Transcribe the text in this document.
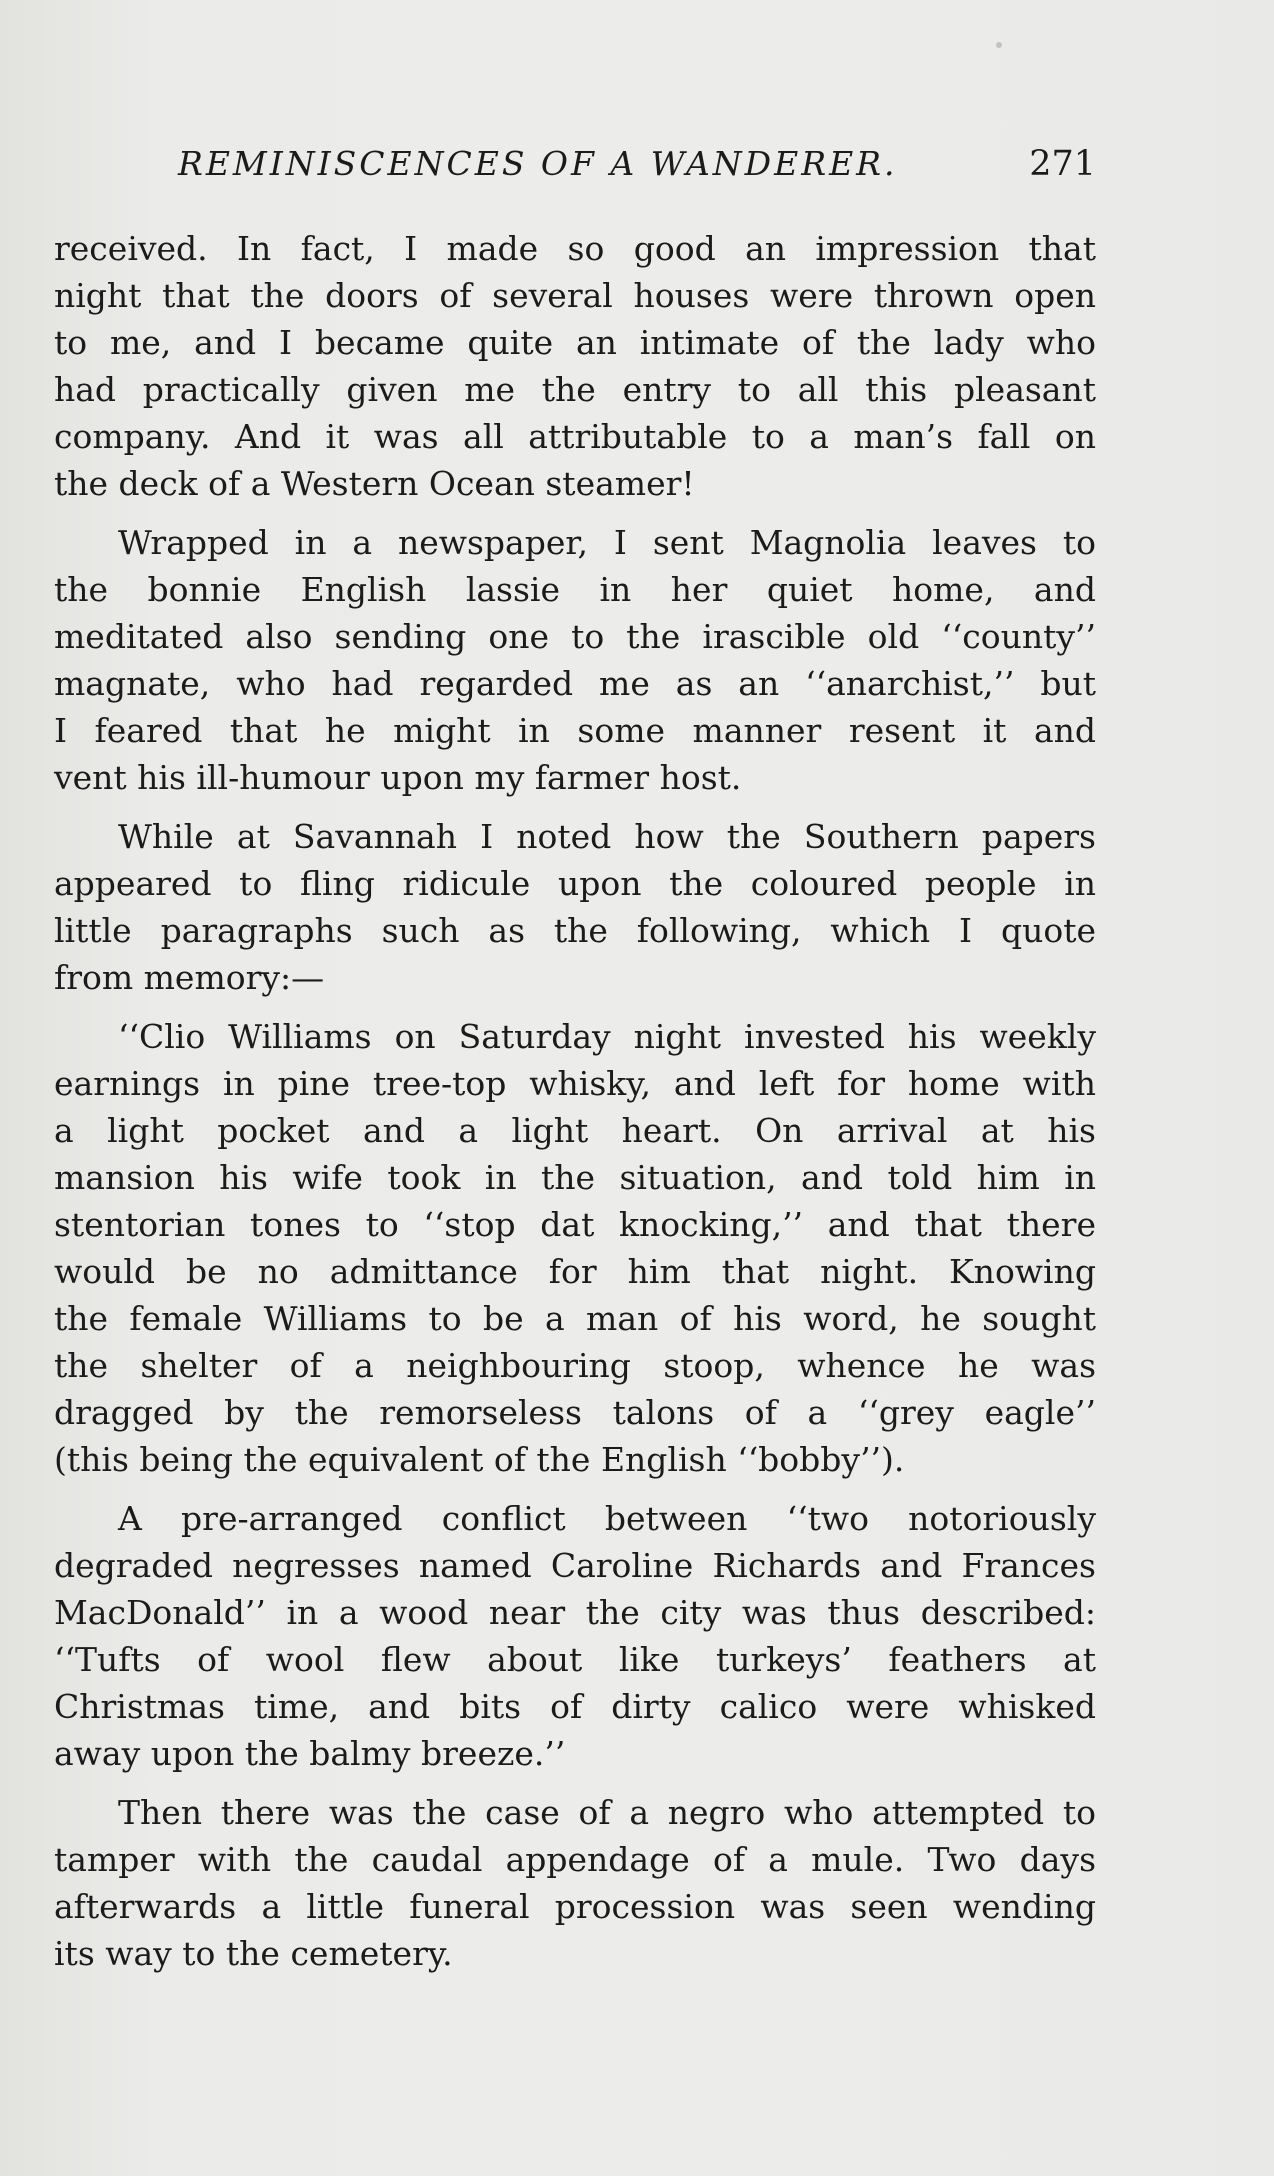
REMINISCENCES OF A WANDERER.	271
received. In fact, I made so good an impression that
night that the doors of several houses were thrown open
to me, and I became quite an intimate of the lady who
had practically given me the entry to all this pleasant
company. And it was all attributable to a man’s fall on
the deck of a Western Ocean steamer!
Wrapped in a newspaper, I sent Magnolia leaves to
the bonnie English lassie in her quiet home, and
meditated also sending one to the irascible old ‘‘county’’
magnate, who had regarded me as an ‘‘anarchist,’’ but
I feared that he might in some manner resent it and
vent his ill-humour upon my farmer host.
While at Savannah I noted how the Southern papers
appeared to fling ridicule upon the coloured people in
little paragraphs such as the following, which I quote
from memory:—
‘‘Clio Williams on Saturday night invested his weekly
earnings in pine tree-top whisky, and left for home with
a light pocket and a light heart. On arrival at his
mansion his wife took in the situation, and told him in
stentorian tones to ‘‘stop dat knocking,’’ and that there
would be no admittance for him that night. Knowing
the female Williams to be a man of his word, he sought
the shelter of a neighbouring stoop, whence he was
dragged by the remorseless talons of a ‘‘grey eagle’’
(this being the equivalent of the English ‘‘bobby’’).
A pre-arranged conflict between ‘‘two notoriously
degraded negresses named Caroline Richards and Frances
MacDonald’’ in a wood near the city was thus described:
‘‘Tufts of wool flew about like turkeys’ feathers at
Christmas time, and bits of dirty calico were whisked
away upon the balmy breeze.’’
Then there was the case of a negro who attempted to
tamper with the caudal appendage of a mule. Two days
afterwards a little funeral procession was seen wending
its way to the cemetery.
